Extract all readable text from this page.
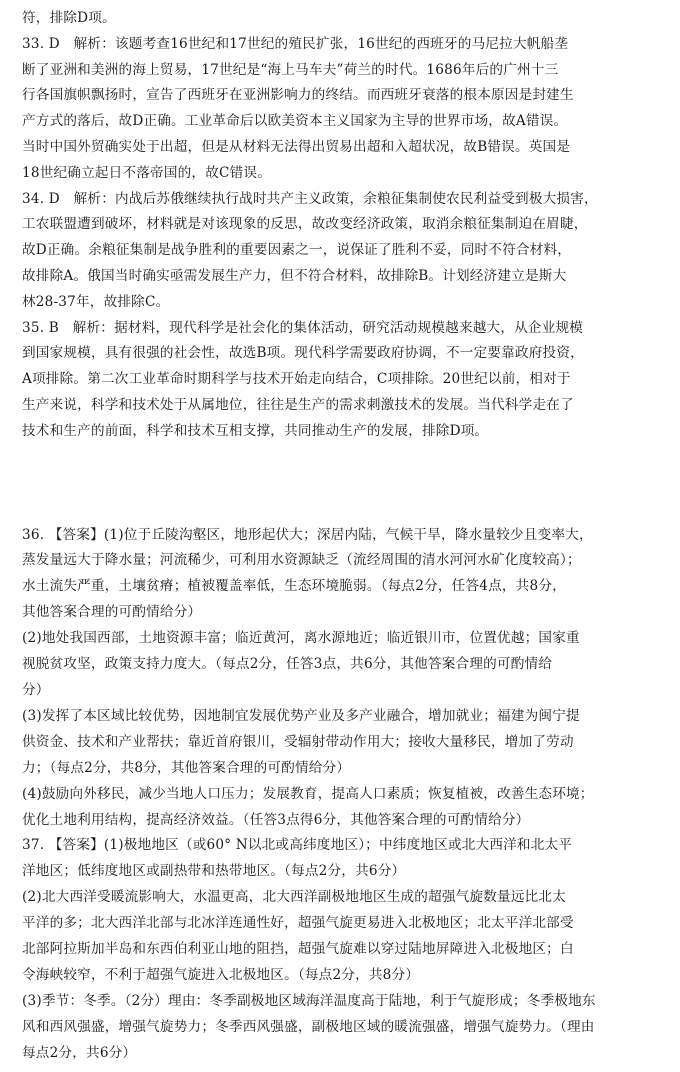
符，排除D项。
33. D　解析：该题考查16世纪和17世纪的殖民扩张，16世纪的西班牙的马尼拉大帆船垄
断了亚洲和美洲的海上贸易，17世纪是“海上马车夫”荷兰的时代。1686年后的广州十三
行各国旗帜飘扬时，宣告了西班牙在亚洲影响力的终结。而西班牙衰落的根本原因是封建生
产方式的落后，故D正确。工业革命后以欧美资本主义国家为主导的世界市场，故A错误。
当时中国外贸确实处于出超，但是从材料无法得出贸易出超和入超状况，故B错误。英国是
18世纪确立起日不落帝国的，故C错误。
34. D　解析：内战后苏俄继续执行战时共产主义政策，余粮征集制使农民利益受到极大损害，
工农联盟遭到破坏，材料就是对该现象的反思，故改变经济政策，取消余粮征集制迫在眉睫，
故D正确。余粮征集制是战争胜利的重要因素之一，说保证了胜利不妥，同时不符合材料，
故排除A。俄国当时确实亟需发展生产力，但不符合材料，故排除B。计划经济建立是斯大
林28-37年，故排除C。
35. B　解析：据材料，现代科学是社会化的集体活动，研究活动规模越来越大，从企业规模
到国家规模，具有很强的社会性，故选B项。现代科学需要政府协调，不一定要靠政府投资，
A项排除。第二次工业革命时期科学与技术开始走向结合，C项排除。20世纪以前，相对于
生产来说，科学和技术处于从属地位，往往是生产的需求刺激技术的发展。当代科学走在了
技术和生产的前面，科学和技术互相支撑，共同推动生产的发展，排除D项。
36. 【答案】(1)位于丘陵沟壑区，地形起伏大；深居内陆，气候干旱，降水量较少且变率大，
蒸发量远大于降水量；河流稀少，可利用水资源缺乏（流经周围的清水河河水矿化度较高）；
水土流失严重，土壤贫瘠；植被覆盖率低，生态环境脆弱。（每点2分，任答4点，共8分，
其他答案合理的可酌情给分）
(2)地处我国西部，土地资源丰富；临近黄河，离水源地近；临近银川市，位置优越；国家重
视脱贫攻坚，政策支持力度大。（每点2分，任答3点，共6分，其他答案合理的可酌情给
分）
(3)发挥了本区域比较优势，因地制宜发展优势产业及多产业融合，增加就业；福建为闽宁提
供资金、技术和产业帮扶；靠近首府银川，受辐射带动作用大；接收大量移民，增加了劳动
力；（每点2分，共8分，其他答案合理的可酌情给分）
(4)鼓励向外移民，减少当地人口压力；发展教育，提高人口素质；恢复植被，改善生态环境；
优化土地利用结构，提高经济效益。（任答3点得6分，其他答案合理的可酌情给分）
37. 【答案】(1)极地地区（或60° N以北或高纬度地区）；中纬度地区或北大西洋和北太平
洋地区；低纬度地区或副热带和热带地区。（每点2分，共6分）
(2)北大西洋受暖流影响大，水温更高，北大西洋副极地地区生成的超强气旋数量远比北太
平洋的多；北大西洋北部与北冰洋连通性好，超强气旋更易进入北极地区；北太平洋北部受
北部阿拉斯加半岛和东西伯利亚山地的阻挡，超强气旋难以穿过陆地屏障进入北极地区；白
令海峡较窄，不利于超强气旋进入北极地区。（每点2分，共8分）
(3)季节：冬季。（2分）理由：冬季副极地区域海洋温度高于陆地，利于气旋形成；冬季极地东
风和西风强盛，增强气旋势力；冬季西风强盛，副极地区域的暖流强盛，增强气旋势力。（理由
每点2分，共6分）
